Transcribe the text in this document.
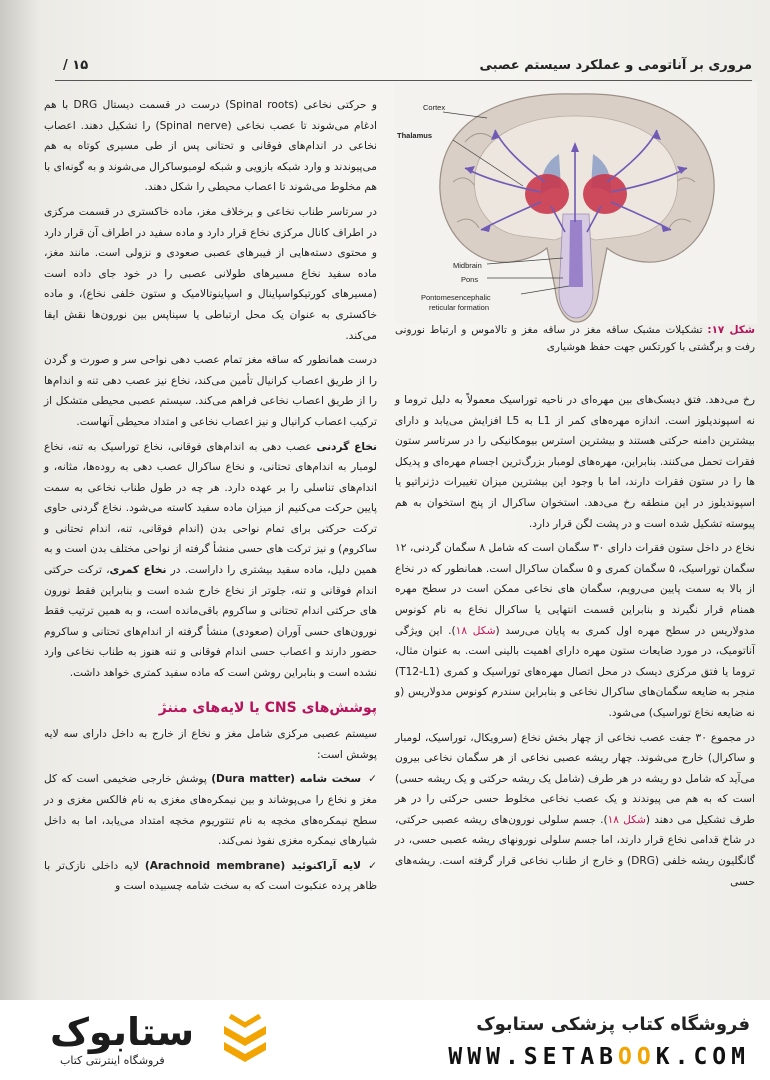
مروری بر آناتومی و عملکرد سیستم عصبی
۱۵ /
Cortex
Thalamus
Midbrain
Pons
Pontomesencephalic
reticular formation
شکل ۱۷: تشکیلات مشبک ساقه مغز در ساقه مغز و تالاموس و ارتباط نورونی رفت و برگشتی با کورتکس جهت حفظ هوشیاری

و حرکتی نخاعی (Spinal roots) درست در قسمت دیستال DRG با هم ادغام می‌شوند تا عصب نخاعی (Spinal nerve) را تشکیل دهند. اعصاب نخاعی در اندام‌های فوقانی و تحتانی پس از طی مسیری کوتاه به هم می‌پیوندند و وارد شبکه بازویی و شبکه لومبوساکرال می‌شوند و به گونه‌ای با هم مخلوط می‌شوند تا اعصاب محیطی را شکل دهند.

در سرتاسر طناب نخاعی و برخلاف مغز، ماده خاکستری در قسمت مرکزی در اطراف کانال مرکزی نخاع قرار دارد و ماده سفید در اطراف آن قرار دارد و محتوی دسته‌هایی از فیبرهای عصبی صعودی و نزولی است. مانند مغز، ماده سفید نخاع مسیرهای طولانی عصبی را در خود جای داده است (مسیرهای کورتیکواسپاینال و اسپاینوتالامیک و ستون خلفی نخاع)، و ماده خاکستری به عنوان یک محل ارتباطی یا سیناپس بین نورون‌ها نقش ایفا می‌کند.

درست همانطور که ساقه مغز تمام عصب دهی نواحی سر و صورت و گردن را از طریق اعصاب کرانیال تأمین می‌کند، نخاع نیز عصب دهی تنه و اندام‌ها را از طریق اعصاب نخاعی فراهم می‌کند. سیستم عصبی محیطی متشکل از ترکیب اعصاب کرانیال و نیز اعصاب نخاعی و امتداد محیطی آنهاست.

نخاع گردنی عصب دهی به اندام‌های فوقانی، نخاع توراسیک به تنه، نخاع لومبار به اندام‌های تحتانی، و نخاع ساکرال عصب دهی به روده‌ها، مثانه، و اندام‌های تناسلی را بر عهده دارد. هر چه در طول طناب نخاعی به سمت پایین حرکت می‌کنیم از میزان ماده سفید کاسته می‌شود. نخاع گردنی حاوی ترکت حرکتی برای تمام نواحی بدن (اندام فوقانی، تنه، اندام تحتانی و ساکروم) و نیز ترکت های حسی منشأ گرفته از نواحی مختلف بدن است و به همین دلیل، ماده سفید بیشتری را داراست. در نخاع کمری، ترکت حرکتی اندام فوقانی و تنه، جلوتر از نخاع خارج شده است و بنابراین فقط نورون های حرکتی اندام تحتانی و ساکروم باقی‌مانده است، و به همین ترتیب فقط نورون‌های حسی آوران (صعودی) منشأ گرفته از اندام‌های تحتانی و ساکروم حضور دارند و اعصاب حسی اندام فوقانی و تنه هنوز به طناب نخاعی وارد نشده است و بنابراین روشن است که ماده سفید کمتری خواهد داشت.

پوشش‌های CNS یا لایه‌های مننژ

سیستم عصبی مرکزی شامل مغز و نخاع از خارج به داخل دارای سه لایه پوشش است:

✓سخت شامه (Dura matter) پوشش خارجی ضخیمی است که کل مغز و نخاع را می‌پوشاند و بین نیمکره‌های مغزی به نام فالکس مغزی و در سطح نیمکره‌های مخچه به نام تنتوریوم مخچه امتداد می‌یابد، اما به داخل شیارهای نیمکره مغزی نفوذ نمی‌کند.

✓لایه آراکنوئید (Arachnoid membrane) لایه داخلی نازک‌تر با ظاهر پرده عنکبوت است که به سخت شامه چسبیده است و

رخ می‌دهد. فتق دیسک‌های بین مهره‌ای در ناحیه توراسیک معمولاً به دلیل تروما و نه اسپوندیلوز است. اندازه مهره‌های کمر از L1 به L5 افزایش می‌یابد و دارای بیشترین دامنه حرکتی هستند و بیشترین استرس بیومکانیکی را در سرتاسر ستون فقرات تحمل می‌کنند. بنابراین، مهره‌های لومبار بزرگ‌ترین اجسام مهره‌ای و پدیکل ها را در ستون فقرات دارند، اما با وجود این بیشترین میزان تغییرات دژنراتیو یا اسپوندیلوز در این منطقه رخ می‌دهد. استخوان ساکرال از پنج استخوان به هم پیوسته تشکیل شده است و در پشت لگن قرار دارد.

نخاع در داخل ستون فقرات دارای ۳۰ سگمان است که شامل ۸ سگمان گردنی، ۱۲ سگمان توراسیک، ۵ سگمان کمری و ۵ سگمان ساکرال است. همانطور که در نخاع از بالا به سمت پایین می‌رویم، سگمان های نخاعی ممکن است در سطح مهره همنام قرار نگیرند و بنابراین قسمت انتهایی یا ساکرال نخاع به نام کونوس مدولاریس در سطح مهره اول کمری به پایان می‌رسد (شکل ۱۸). این ویژگی آناتومیک، در مورد ضایعات ستون مهره دارای اهمیت بالینی است. به عنوان مثال، تروما یا فتق مرکزی دیسک در محل اتصال مهره‌های توراسیک و کمری (T12-L1) منجر به ضایعه سگمان‌های ساکرال نخاعی و بنابراین سندرم کونوس مدولاریس (و نه ضایعه نخاع توراسیک) می‌شود.

در مجموع ۳۰ جفت عصب نخاعی از چهار بخش نخاع (سرویکال، توراسیک، لومبار و ساکرال) خارج می‌شوند. چهار ریشه عصبی نخاعی از هر سگمان نخاعی بیرون می‌آید که شامل دو ریشه در هر طرف (شامل یک ریشه حرکتی و یک ریشه حسی) است که به هم می پیوندند و یک عصب نخاعی مخلوط حسی حرکتی را در هر طرف تشکیل می دهند (شکل ۱۸). جسم سلولی نورون‌های ریشه عصبی حرکتی، در شاخ قدامی نخاع قرار دارند، اما جسم سلولی نورونهای ریشه عصبی حسی، در گانگلیون ریشه خلفی (DRG) و خارج از طناب نخاعی قرار گرفته است. ریشه‌های حسی

ستابوک
فروشگاه اینترنتی کتاب
فروشگاه کتاب پزشکی ستابوک
WWW.SETABOOK.COM
